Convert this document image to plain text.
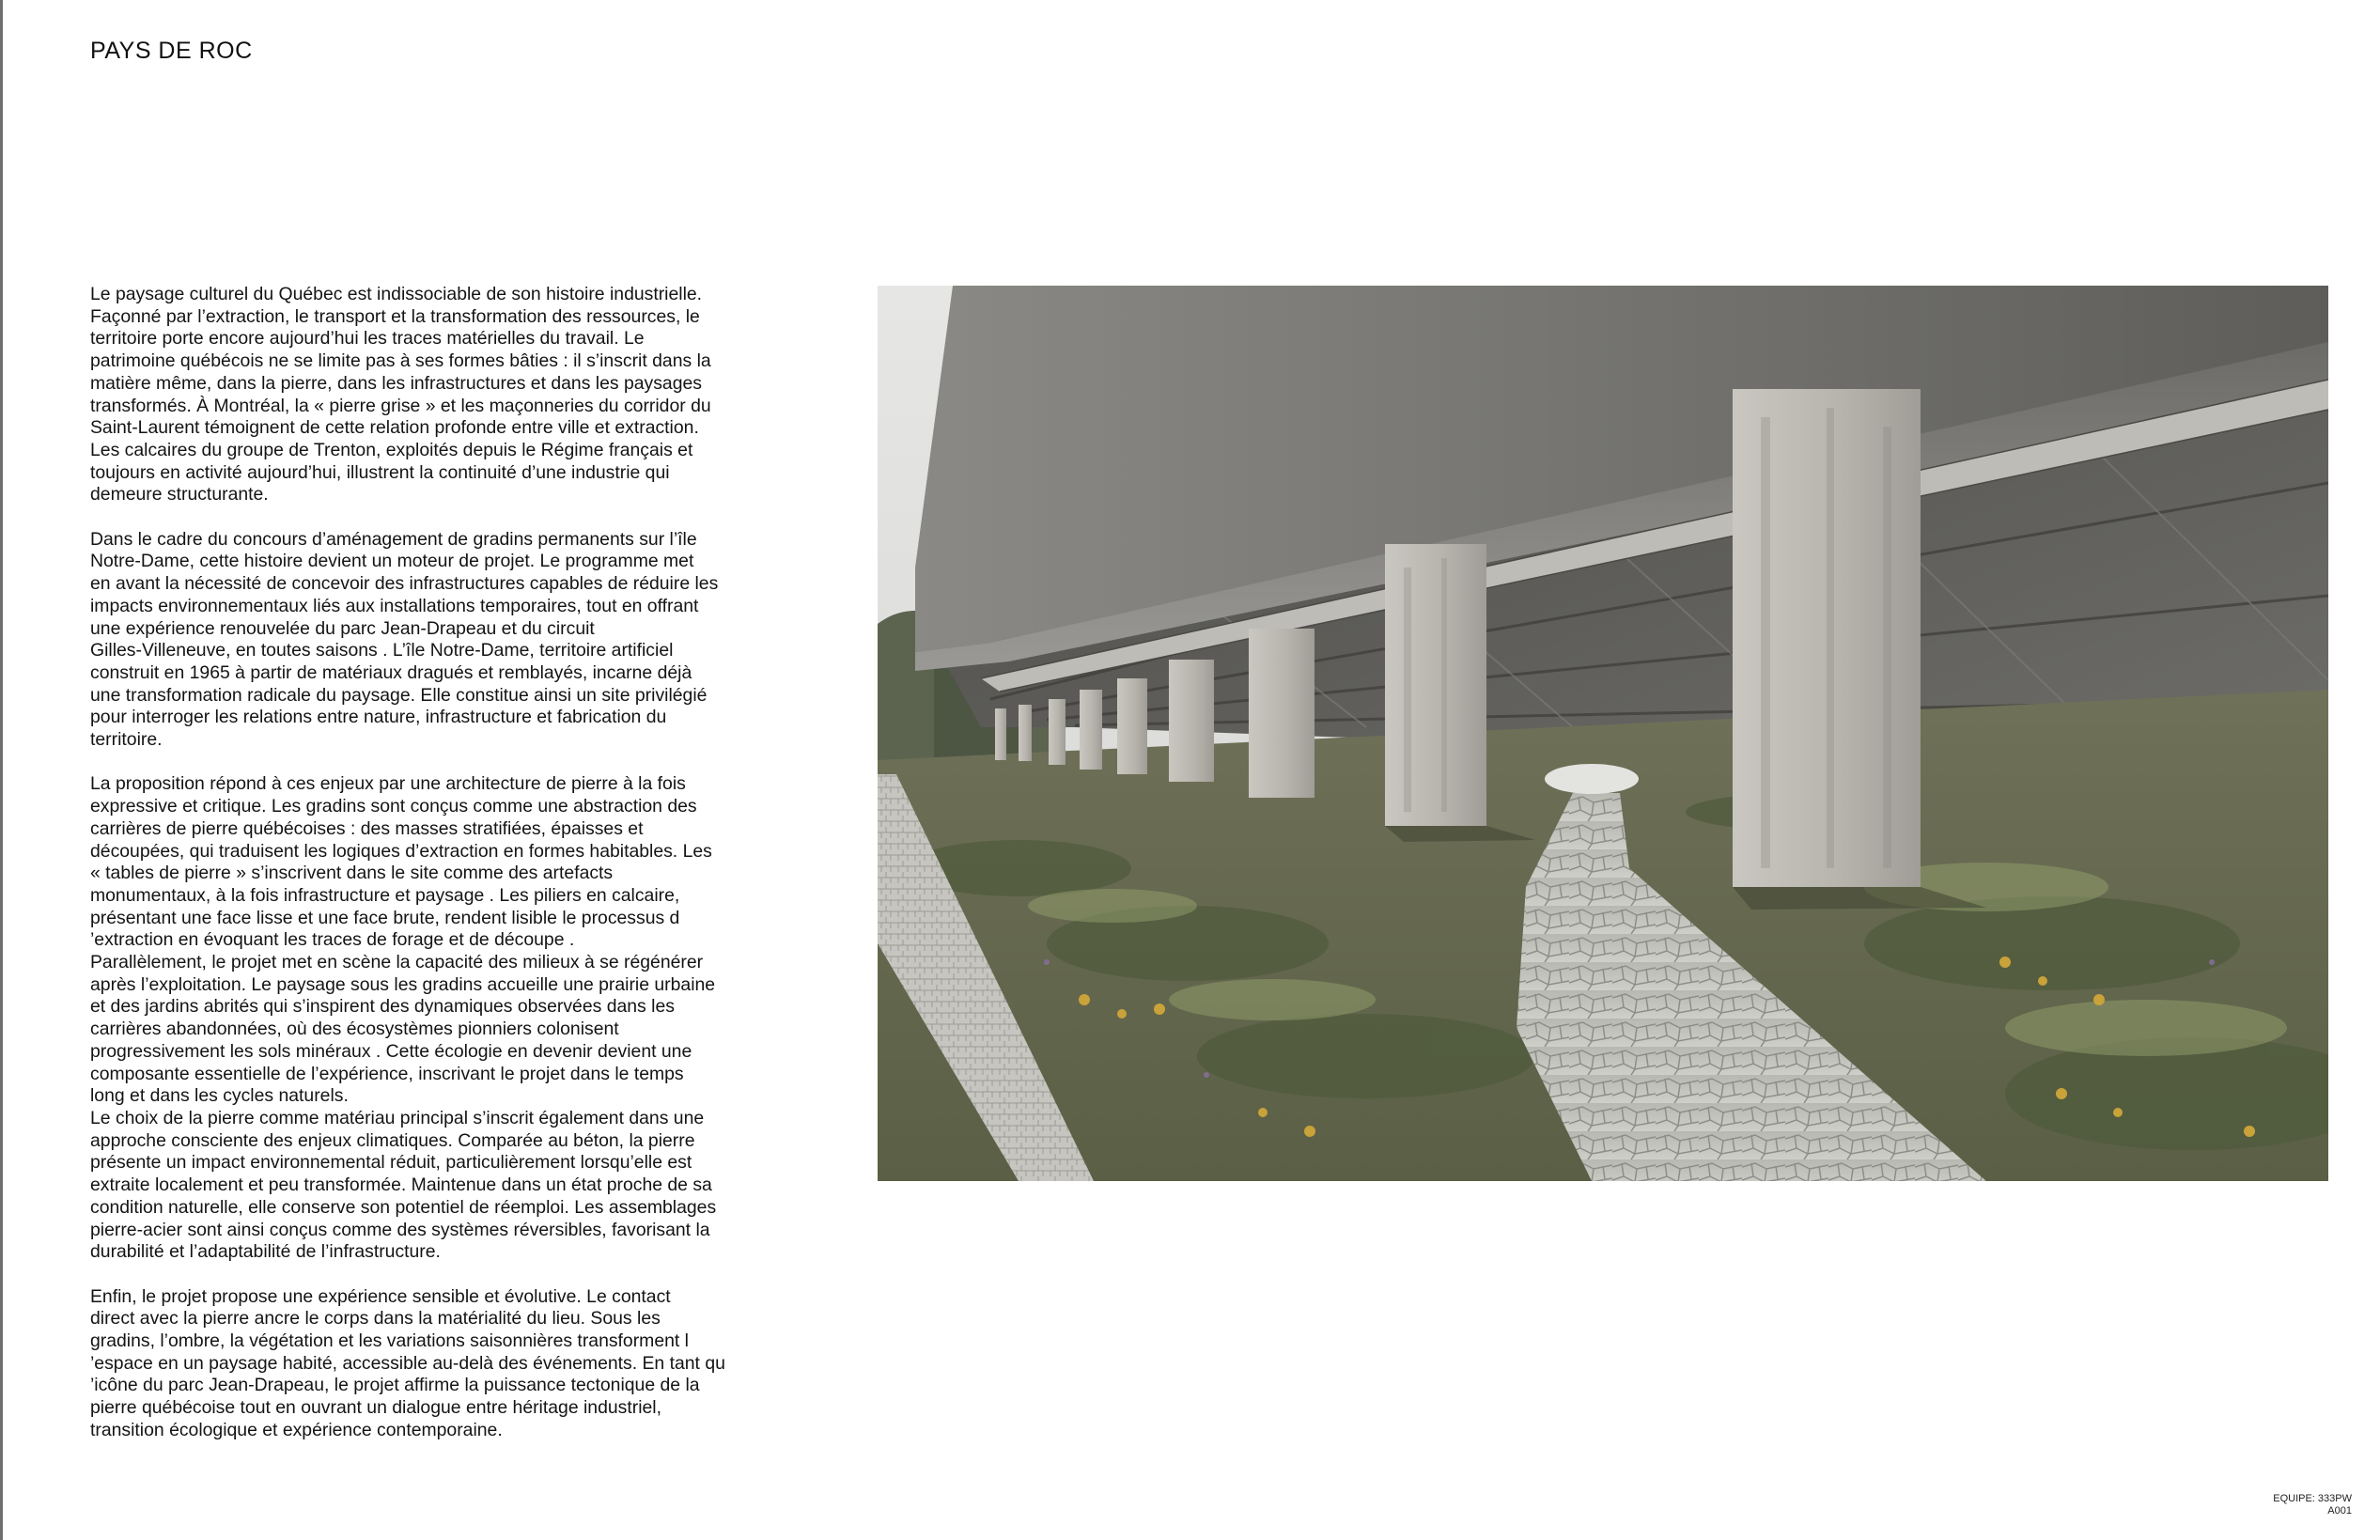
PAYS DE ROC

Le paysage culturel du Québec est indissociable de son histoire industrielle.
Façonné par l’extraction, le transport et la transformation des ressources, le
territoire porte encore aujourd’hui les traces matérielles du travail. Le
patrimoine québécois ne se limite pas à ses formes bâties : il s’inscrit dans la
matière même, dans la pierre, dans les infrastructures et dans les paysages
transformés. À Montréal, la « pierre grise » et les maçonneries du corridor du
Saint-Laurent témoignent de cette relation profonde entre ville et extraction.
Les calcaires du groupe de Trenton, exploités depuis le Régime français et
toujours en activité aujourd’hui, illustrent la continuité d’une industrie qui
demeure structurante.

Dans le cadre du concours d’aménagement de gradins permanents sur l’île
Notre-Dame, cette histoire devient un moteur de projet. Le programme met
en avant la nécessité de concevoir des infrastructures capables de réduire les
impacts environnementaux liés aux installations temporaires, tout en offrant
une expérience renouvelée du parc Jean-Drapeau et du circuit
Gilles-Villeneuve, en toutes saisons . L’île Notre-Dame, territoire artificiel
construit en 1965 à partir de matériaux dragués et remblayés, incarne déjà
une transformation radicale du paysage. Elle constitue ainsi un site privilégié
pour interroger les relations entre nature, infrastructure et fabrication du
territoire.

La proposition répond à ces enjeux par une architecture de pierre à la fois
expressive et critique. Les gradins sont conçus comme une abstraction des
carrières de pierre québécoises : des masses stratifiées, épaisses et
découpées, qui traduisent les logiques d’extraction en formes habitables. Les
« tables de pierre » s’inscrivent dans le site comme des artefacts
monumentaux, à la fois infrastructure et paysage . Les piliers en calcaire,
présentant une face lisse et une face brute, rendent lisible le processus d
’extraction en évoquant les traces de forage et de découpe .

Parallèlement, le projet met en scène la capacité des milieux à se régénérer
après l’exploitation. Le paysage sous les gradins accueille une prairie urbaine
et des jardins abrités qui s’inspirent des dynamiques observées dans les
carrières abandonnées, où des écosystèmes pionniers colonisent
progressivement les sols minéraux . Cette écologie en devenir devient une
composante essentielle de l’expérience, inscrivant le projet dans le temps
long et dans les cycles naturels.

Le choix de la pierre comme matériau principal s’inscrit également dans une
approche consciente des enjeux climatiques. Comparée au béton, la pierre
présente un impact environnemental réduit, particulièrement lorsqu’elle est
extraite localement et peu transformée. Maintenue dans un état proche de sa
condition naturelle, elle conserve son potentiel de réemploi. Les assemblages
pierre-acier sont ainsi conçus comme des systèmes réversibles, favorisant la
durabilité et l’adaptabilité de l’infrastructure.

Enfin, le projet propose une expérience sensible et évolutive. Le contact
direct avec la pierre ancre le corps dans la matérialité du lieu. Sous les
gradins, l’ombre, la végétation et les variations saisonnières transforment l
’espace en un paysage habité, accessible au-delà des événements. En tant qu
’icône du parc Jean-Drapeau, le projet affirme la puissance tectonique de la
pierre québécoise tout en ouvrant un dialogue entre héritage industriel,
transition écologique et expérience contemporaine.

EQUIPE: 333PW
A001
